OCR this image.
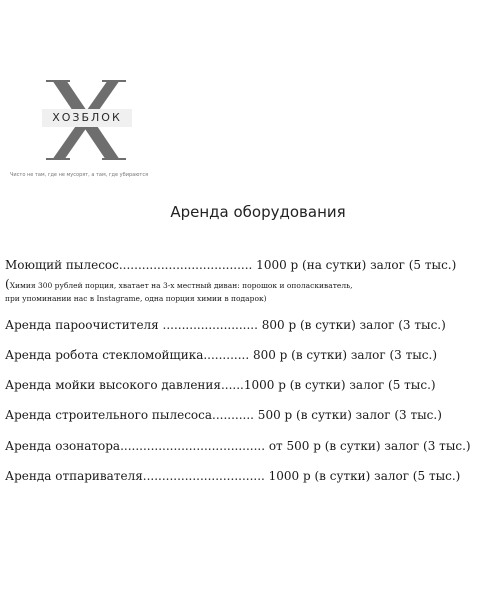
ХОЗБЛОК
Чисто не там, где не мусорят, а там, где убираются
Аренда оборудования
Моющий пылесос................................... 1000 р (на сутки) залог (5 тыс.)
(Химия 300 рублей порция, хватает на 3-х местный диван: порошок и ополаскиватель,
при упоминании нас в Instagrame, одна порция химии в подарок)
Аренда пароочистителя ......................... 800 р (в сутки) залог (3 тыс.)
Аренда робота стекломойщика............ 800 р (в сутки) залог (3 тыс.)
Аренда мойки высокого давления......1000 р (в сутки) залог (5 тыс.)
Аренда строительного пылесоса........... 500 р (в сутки) залог (3 тыс.)
Аренда озонатора...................................... от 500 р (в сутки) залог (3 тыс.)
Аренда отпаривателя................................ 1000 р (в сутки) залог (5 тыс.)
